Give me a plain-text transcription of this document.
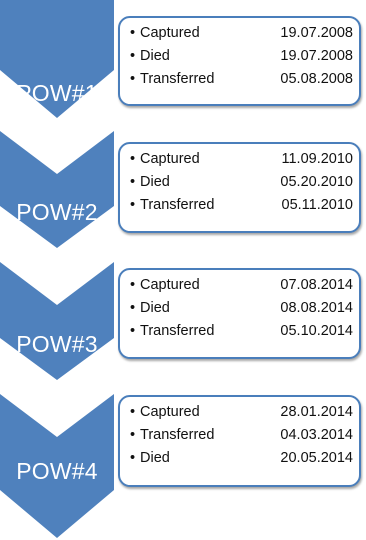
POW#1
POW#2
POW#3
POW#4
• Captured	19.07.2008
• Died	19.07.2008
• Transferred	05.08.2008
• Captured	11.09.2010
• Died	05.20.2010
• Transferred	05.11.2010
• Captured	07.08.2014
• Died	08.08.2014
• Transferred	05.10.2014
• Captured	28.01.2014
• Transferred	04.03.2014
• Died	20.05.2014
